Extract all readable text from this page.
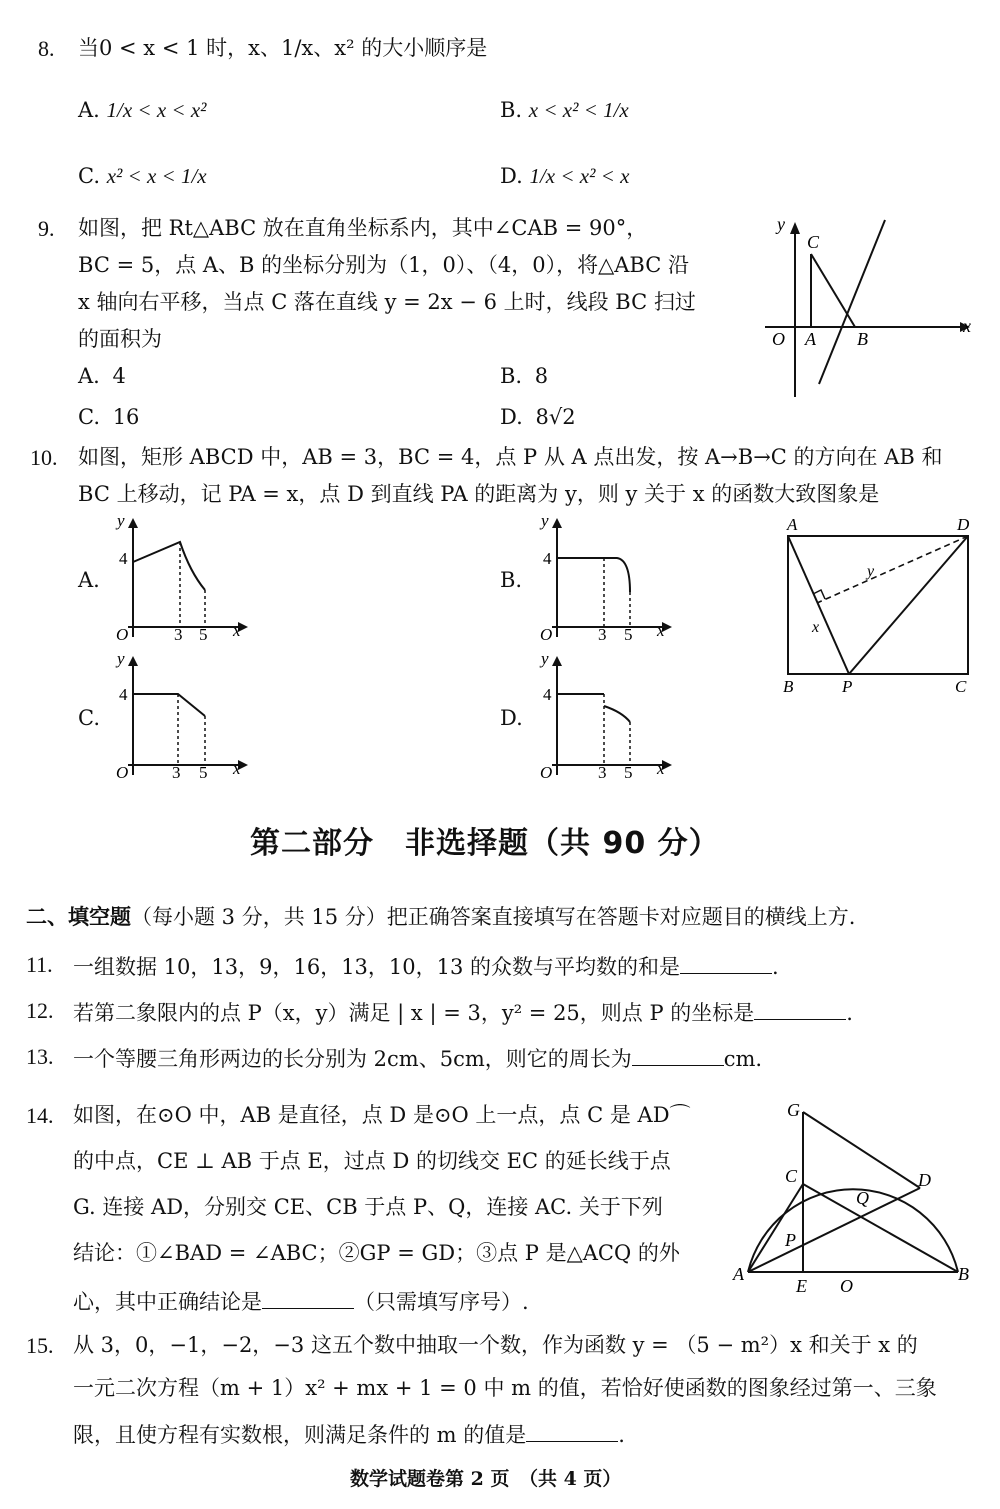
8. 当0 < x < 1 时，x、1/x、x² 的大小顺序是
A. 1/x < x < x²	B. x < x² < 1/x
C. x² < x < 1/x	D. 1/x < x² < x
9. 如图，把 Rt△ABC 放在直角坐标系内，其中∠CAB = 90°，
BC = 5，点 A、B 的坐标分别为（1，0）、（4，0），将△ABC 沿
x 轴向右平移，当点 C 落在直线 y = 2x − 6 上时，线段 BC 扫过
的面积为
A. 4	B. 8
C. 16	D. 8√2
y
x
O A B
C
10. 如图，矩形 ABCD 中，AB = 3，BC = 4，点 P 从 A 点出发，按 A→B→C 的方向在 AB 和
BC 上移动，记 PA = x，点 D 到直线 PA 的距离为 y，则 y 关于 x 的函数大致图象是
A.	B.
C.	D.
y
4
O	3 5 x
y
4
O	3 5 x
y
4
O	3 5 x
y
4
O	3 5 x
A	D
B	P	C
x
y
第二部分　非选择题（共 90 分）
二、填空题（每小题 3 分，共 15 分）把正确答案直接填写在答题卡对应题目的横线上方.
11. 一组数据 10，13，9，16，13，10，13 的众数与平均数的和是	.
12. 若第二象限内的点 P（x，y）满足 | x | = 3，y² = 25，则点 P 的坐标是	.
13. 一个等腰三角形两边的长分别为 2cm、5cm，则它的周长为	cm.
14. 如图，在⊙O 中，AB 是直径，点 D 是⊙O 上一点，点 C 是 AD⌒
的中点，CE ⊥ AB 于点 E，过点 D 的切线交 EC 的延长线于点
G. 连接 AD，分别交 CE、CB 于点 P、Q，连接 AC. 关于下列
结论：①∠BAD = ∠ABC；②GP = GD；③点 P 是△ACQ 的外
心，其中正确结论是	（只需填写序号）.
G
C	D
Q
P
A
E O
B
15. 从 3，0，−1，−2，−3 这五个数中抽取一个数，作为函数 y = （5 − m²）x 和关于 x 的
一元二次方程（m + 1）x² + mx + 1 = 0 中 m 的值，若恰好使函数的图象经过第一、三象
限，且使方程有实数根，则满足条件的 m 的值是	.
数学试题卷第 2 页　（共 4 页）
